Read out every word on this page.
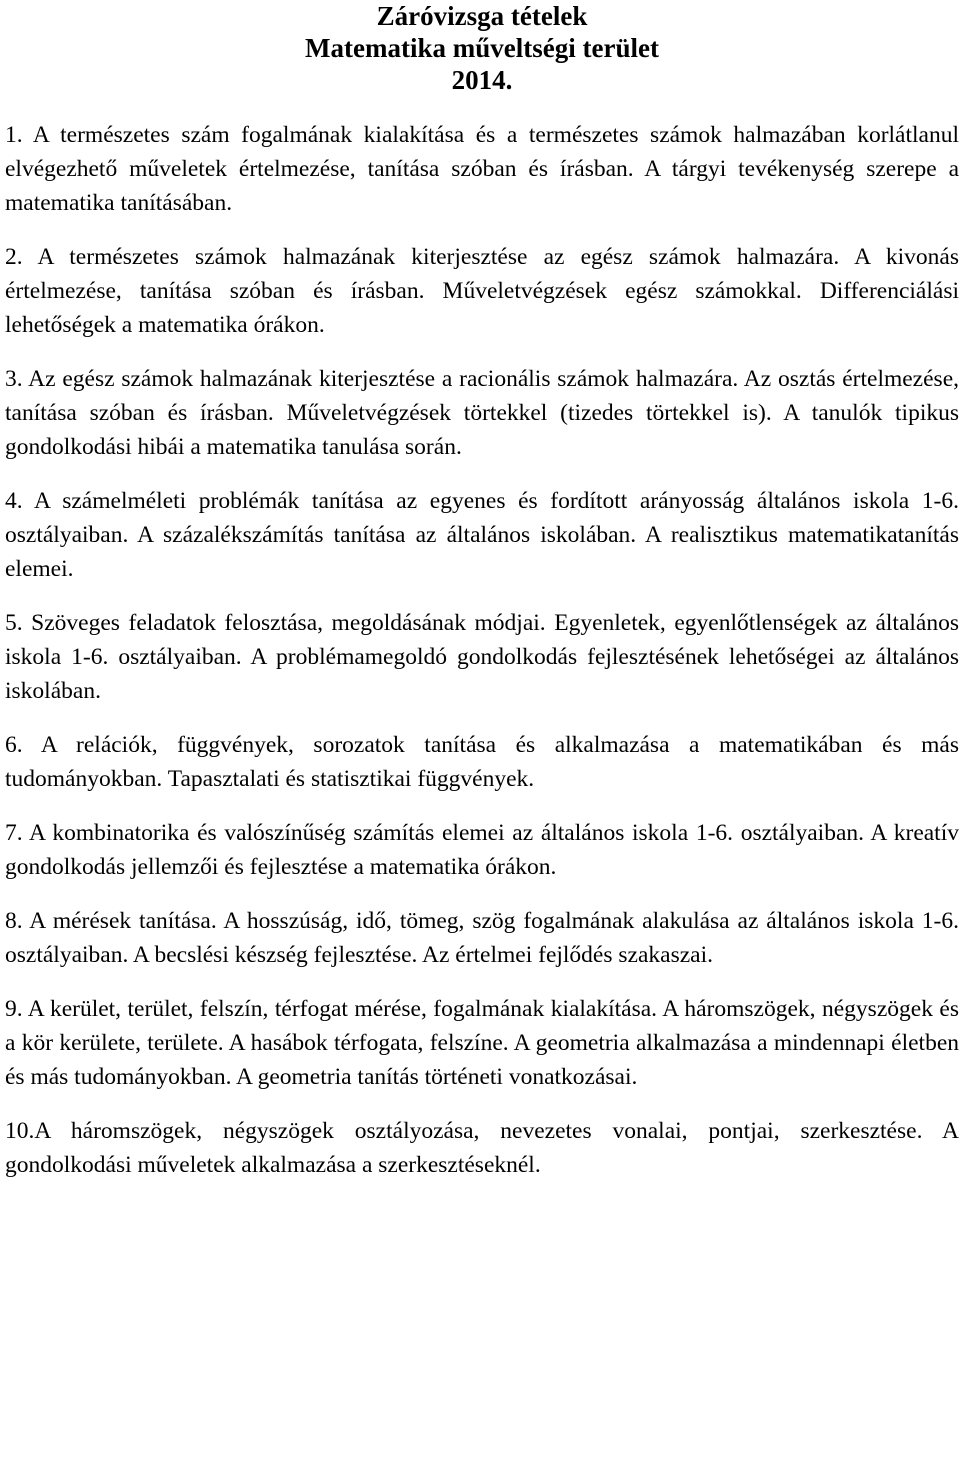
Záróvizsga tételek
Matematika műveltségi terület
2014.

1. A természetes szám fogalmának kialakítása és a természetes számok halmazában korlátlanul elvégezhető műveletek értelmezése, tanítása szóban és írásban. A tárgyi tevékenység szerepe a matematika tanításában.

2. A természetes számok halmazának kiterjesztése az egész számok halmazára. A kivonás értelmezése, tanítása szóban és írásban. Műveletvégzések egész számokkal. Differenciálási lehetőségek a matematika órákon.

3. Az egész számok halmazának kiterjesztése a racionális számok halmazára. Az osztás értelmezése, tanítása szóban és írásban. Műveletvégzések törtekkel (tizedes törtekkel is). A tanulók tipikus gondolkodási hibái a matematika tanulása során.

4. A számelméleti problémák tanítása az egyenes és fordított arányosság általános iskola 1-6. osztályaiban. A százalékszámítás tanítása az általános iskolában. A realisztikus matematikatanítás elemei.

5. Szöveges feladatok felosztása, megoldásának módjai. Egyenletek, egyenlőtlenségek az általános iskola 1-6. osztályaiban. A problémamegoldó gondolkodás fejlesztésének lehetőségei az általános iskolában.

6. A relációk, függvények, sorozatok tanítása és alkalmazása a matematikában és más tudományokban. Tapasztalati és statisztikai függvények.

7. A kombinatorika és valószínűség számítás elemei az általános iskola 1-6. osztályaiban. A kreatív gondolkodás jellemzői és fejlesztése a matematika órákon.

8. A mérések tanítása. A hosszúság, idő, tömeg, szög fogalmának alakulása az általános iskola 1-6. osztályaiban. A becslési készség fejlesztése. Az értelmei fejlődés szakaszai.

9. A kerület, terület, felszín, térfogat mérése, fogalmának kialakítása. A háromszögek, négyszögek és a kör kerülete, területe. A hasábok térfogata, felszíne. A geometria alkalmazása a mindennapi életben és más tudományokban. A geometria tanítás történeti vonatkozásai.

10.A háromszögek, négyszögek osztályozása, nevezetes vonalai, pontjai, szerkesztése. A gondolkodási műveletek alkalmazása a szerkesztéseknél.
